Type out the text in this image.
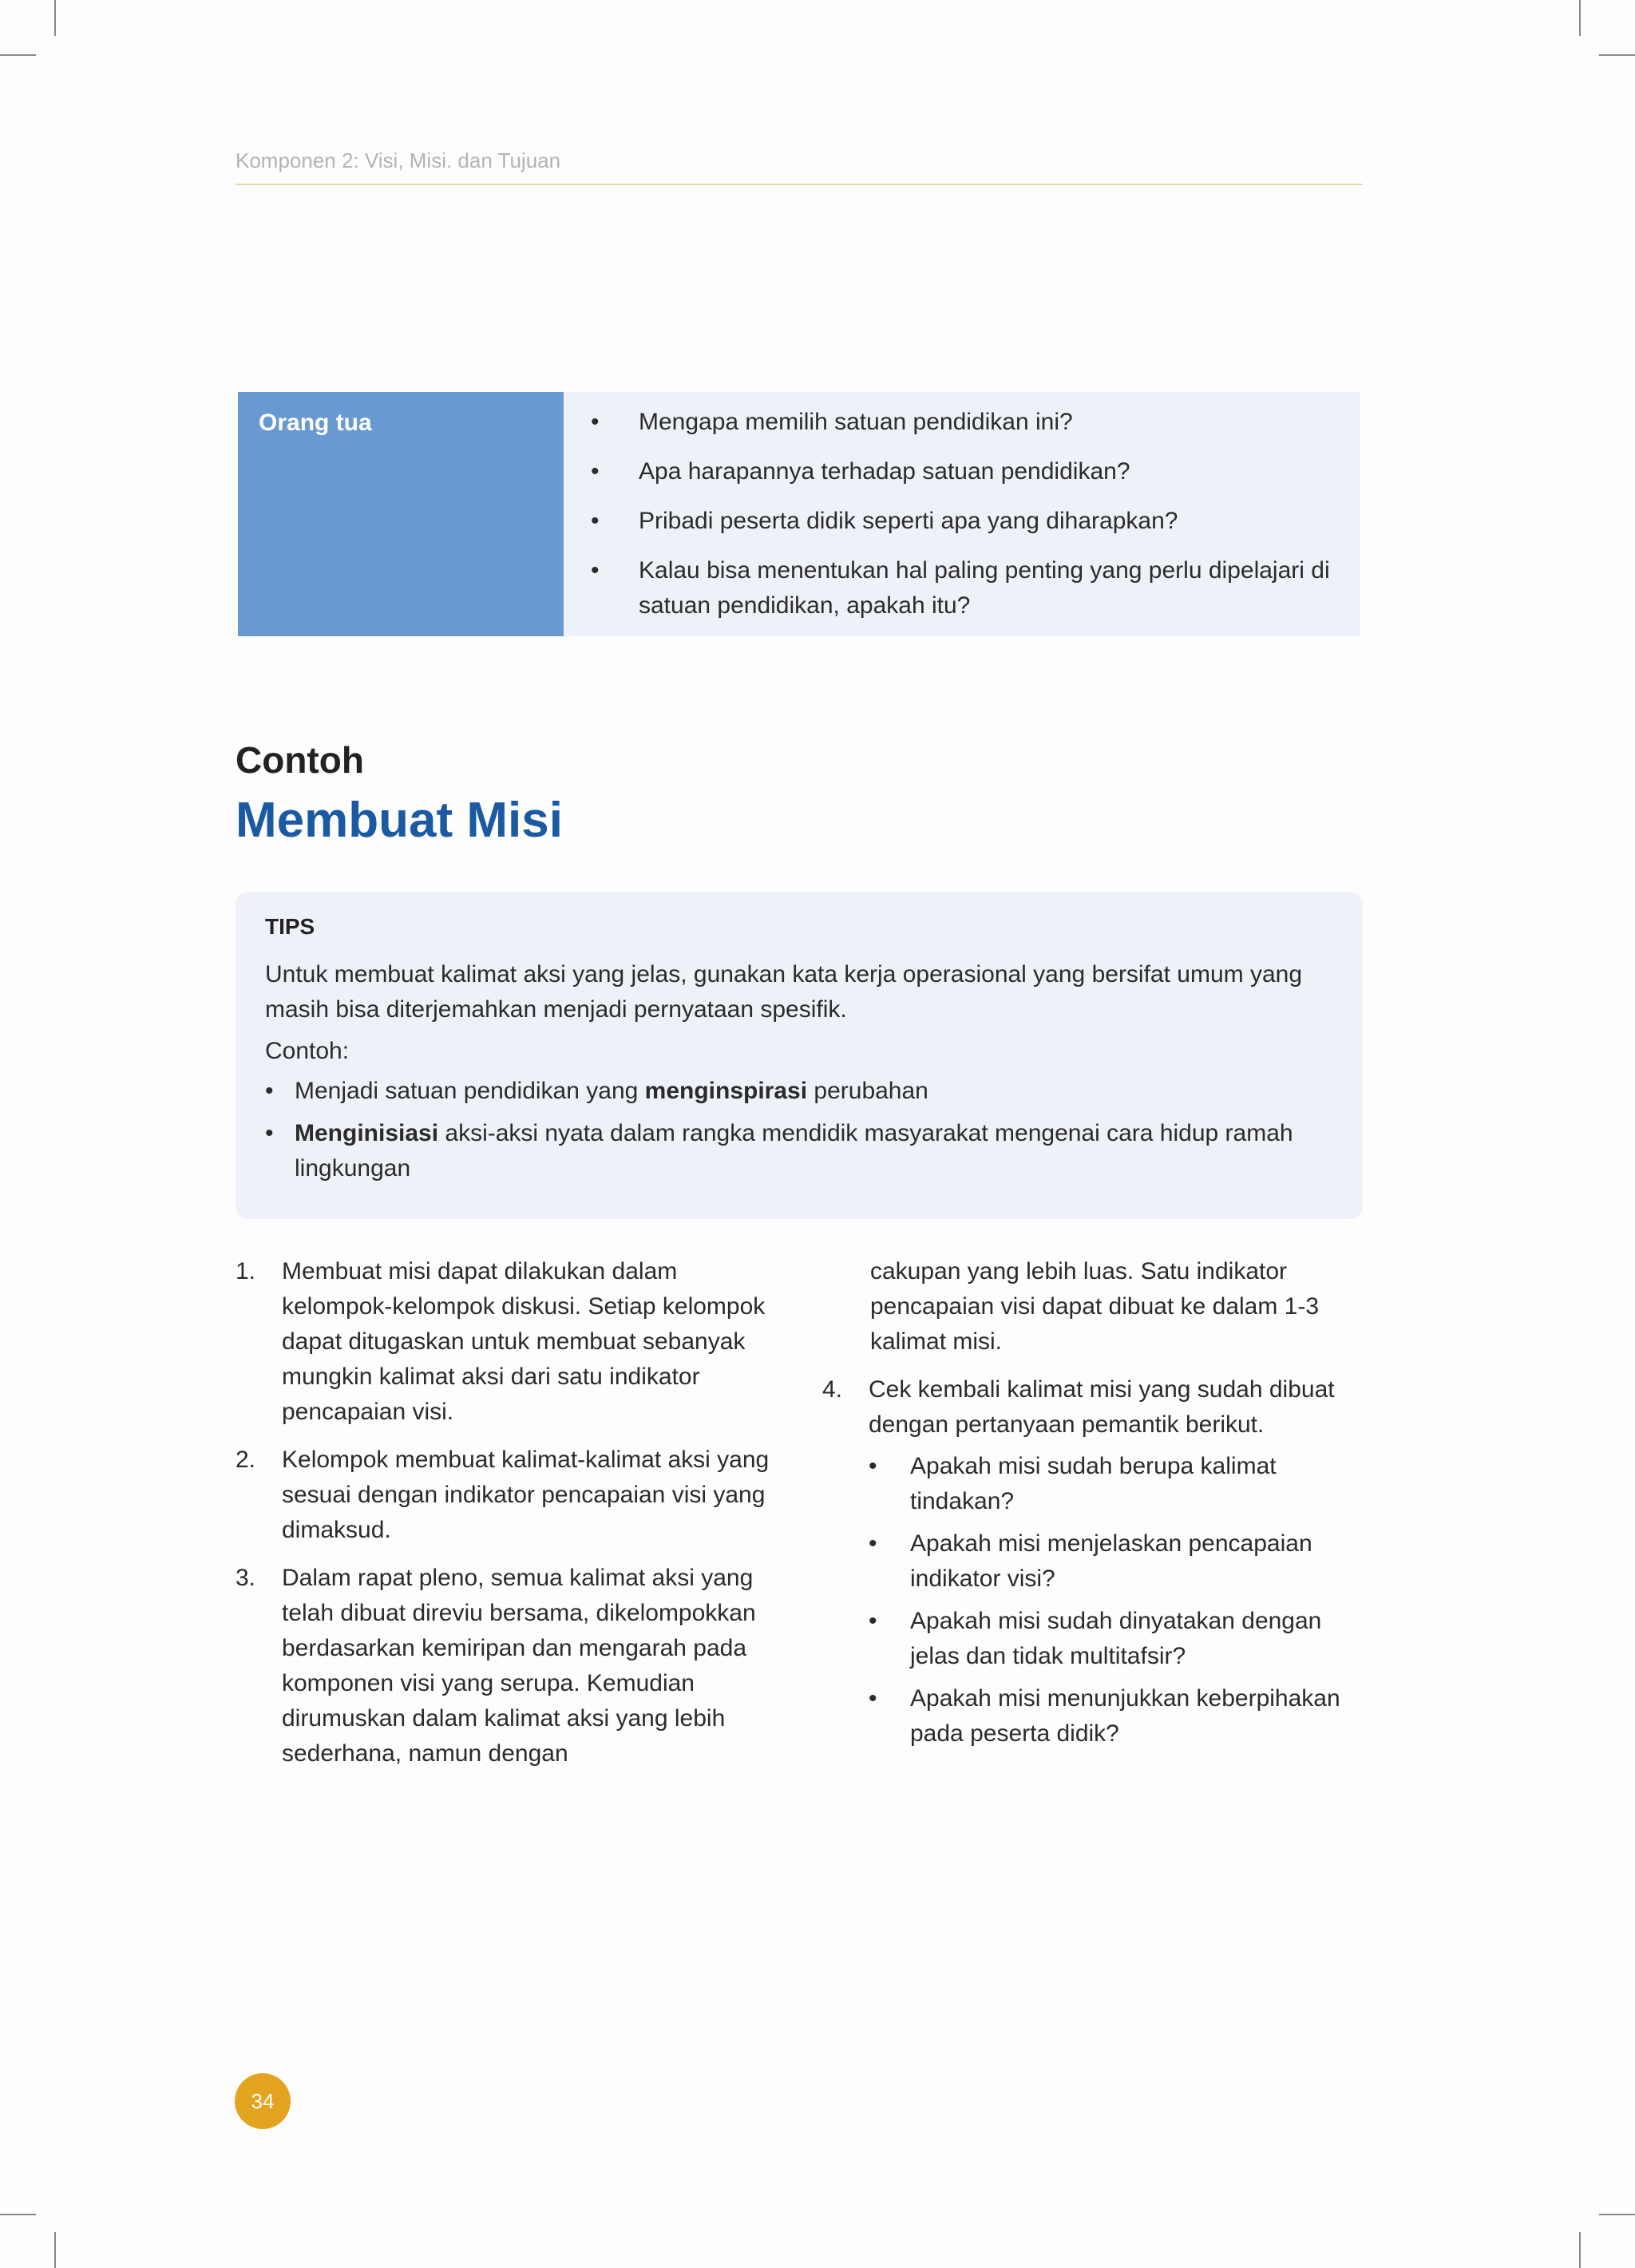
Komponen 2: Visi, Misi. dan Tujuan
Orang tua
•	Mengapa memilih satuan pendidikan ini?
• Apa harapannya terhadap satuan pendidikan?
• Pribadi peserta didik seperti apa yang diharapkan?
• Kalau bisa menentukan hal paling penting yang perlu dipelajari di satuan pendidikan, apakah itu?
Contoh
Membuat Misi
TIPS

Untuk membuat kalimat aksi yang jelas, gunakan kata kerja operasional yang bersifat umum yang masih bisa diterjemahkan menjadi pernyataan spesifik.

Contoh:
• Menjadi satuan pendidikan yang menginspirasi perubahan
• Menginisiasi aksi-aksi nyata dalam rangka mendidik masyarakat mengenai cara hidup ramah lingkungan
1. Membuat misi dapat dilakukan dalam kelompok-kelompok diskusi. Setiap kelompok dapat ditugaskan untuk membuat sebanyak mungkin kalimat aksi dari satu indikator pencapaian visi.
2. Kelompok membuat kalimat-kalimat aksi yang sesuai dengan indikator pencapaian visi yang dimaksud.
3. Dalam rapat pleno, semua kalimat aksi yang telah dibuat direviu bersama, dikelompokkan berdasarkan kemiripan dan mengarah pada komponen visi yang serupa. Kemudian dirumuskan dalam kalimat aksi yang lebih sederhana, namun dengan
cakupan yang lebih luas. Satu indikator pencapaian visi dapat dibuat ke dalam 1-3 kalimat misi.
4. Cek kembali kalimat misi yang sudah dibuat dengan pertanyaan pemantik berikut.
• Apakah misi sudah berupa kalimat tindakan?
• Apakah misi menjelaskan pencapaian indikator visi?
• Apakah misi sudah dinyatakan dengan jelas dan tidak multitafsir?
• Apakah misi menunjukkan keberpihakan pada peserta didik?
34
